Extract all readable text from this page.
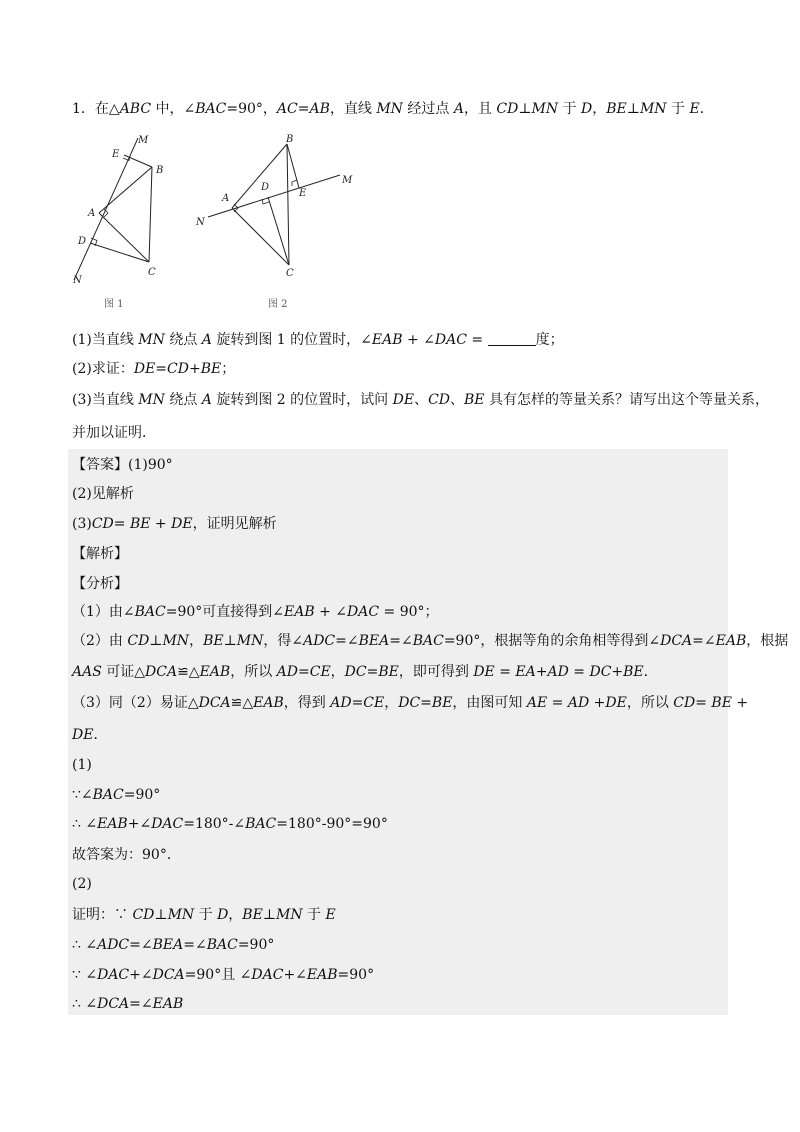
1．在△ABC 中，∠BAC=90°，AC=AB，直线 MN 经过点 A，且 CD⊥MN 于 D，BE⊥MN 于 E．
M
E
B
A
D
C
N
图 1
B
D
E
M
A
N
C
图 2
(1)当直线 MN 绕点 A 旋转到图 1 的位置时，∠EAB + ∠DAC =	度；
(2)求证：DE=CD+BE；
(3)当直线 MN 绕点 A 旋转到图 2 的位置时，试问 DE、CD、BE 具有怎样的等量关系？请写出这个等量关系，
并加以证明．
【答案】(1)90°
(2)见解析
(3)CD= BE + DE，证明见解析
【解析】
【分析】
（1）由∠BAC=90°可直接得到∠EAB + ∠DAC = 90°；
（2）由 CD⊥MN，BE⊥MN，得∠ADC=∠BEA=∠BAC=90°，根据等角的余角相等得到∠DCA=∠EAB，根据
AAS 可证△DCA≌△EAB，所以 AD=CE，DC=BE，即可得到 DE = EA+AD = DC+BE．
（3）同（2）易证△DCA≌△EAB，得到 AD=CE，DC=BE，由图可知 AE = AD +DE，所以 CD= BE +
DE．
(1)
∵∠BAC=90°
∴ ∠EAB+∠DAC=180°-∠BAC=180°-90°=90°
故答案为：90°．
(2)
证明：∵ CD⊥MN 于 D，BE⊥MN 于 E
∴ ∠ADC=∠BEA=∠BAC=90°
∵ ∠DAC+∠DCA=90°且 ∠DAC+∠EAB=90°
∴ ∠DCA=∠EAB
